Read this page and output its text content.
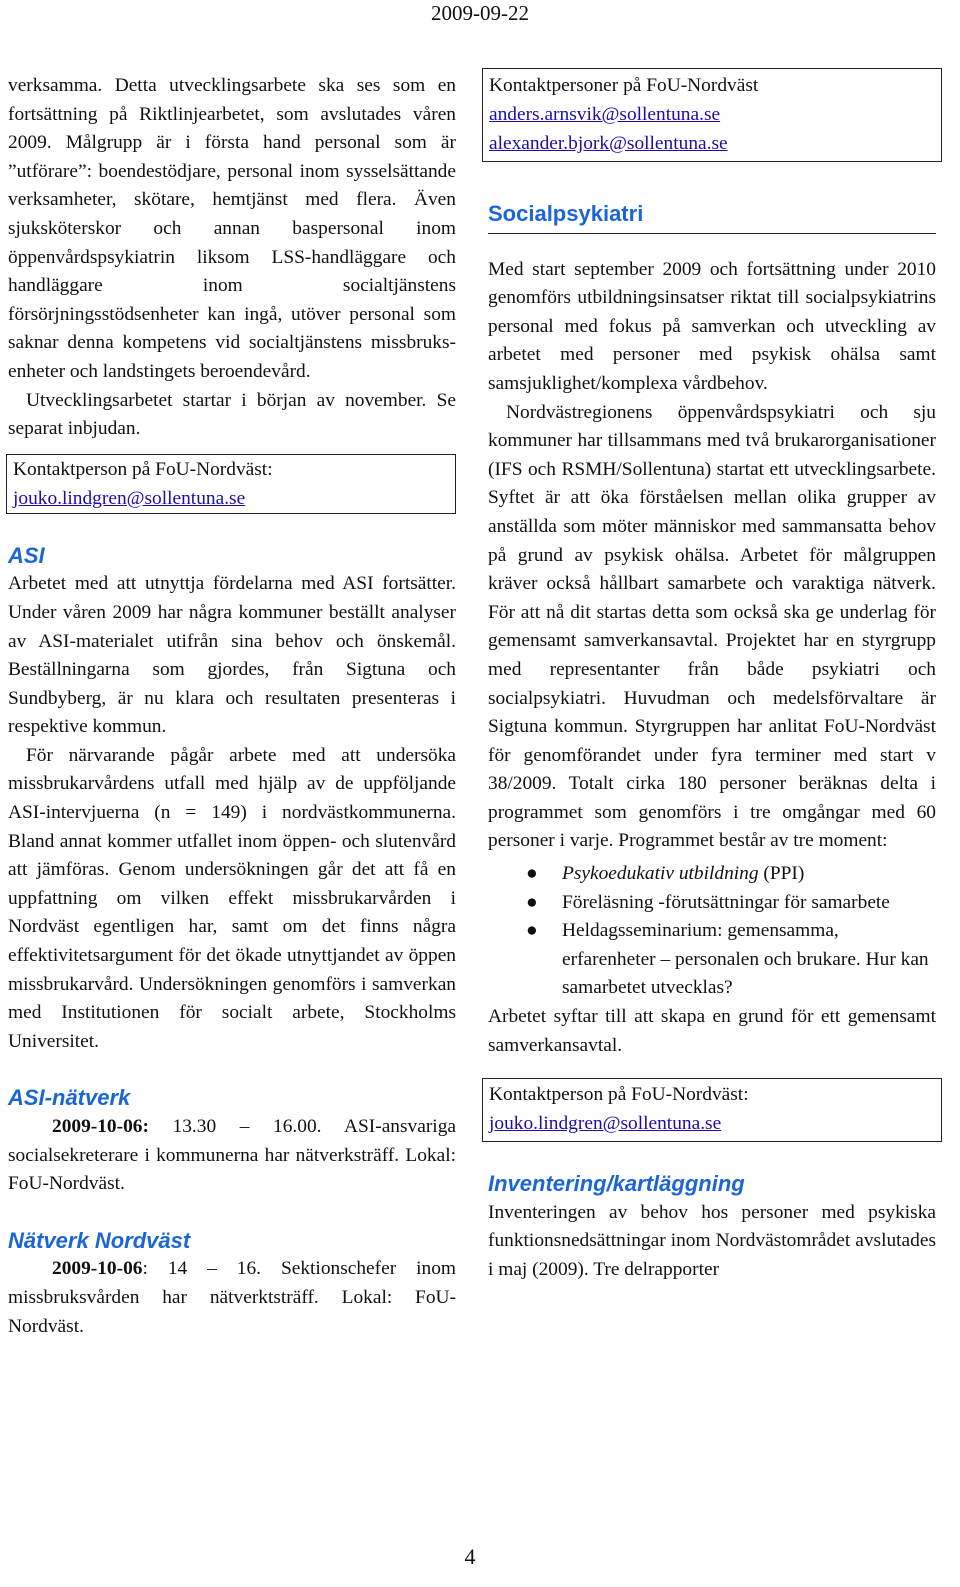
2009-09-22

verksamma. Detta utvecklingsarbete ska ses som en fortsättning på Riktlinjearbetet, som avslutades våren 2009. Målgrupp är i första hand personal som är ”utförare”: boendestödjare, personal inom sysselsättande verksamheter, skötare, hemtjänst med flera. Även sjuksköterskor och annan baspersonal inom öppenvårdspsykiatrin liksom LSS-handläggare och handläggare inom socialtjänstens försörjningsstödsenheter kan ingå, utöver personal som saknar denna kompetens vid socialtjänstens missbruks-enheter och landstingets beroendevård.

Utvecklingsarbetet startar i början av november. Se separat inbjudan.

Kontaktperson på FoU-Nordväst:
jouko.lindgren@sollentuna.se
ASI

Arbetet med att utnyttja fördelarna med ASI fortsätter. Under våren 2009 har några kommuner beställt analyser av ASI-materialet utifrån sina behov och önskemål. Beställningarna som gjordes, från Sigtuna och Sundbyberg, är nu klara och resultaten presenteras i respektive kommun.

För närvarande pågår arbete med att undersöka missbrukarvårdens utfall med hjälp av de uppföljande ASI-intervjuerna (n = 149) i nordvästkommunerna. Bland annat kommer utfallet inom öppen- och slutenvård att jämföras. Genom undersökningen går det att få en uppfattning om vilken effekt missbrukarvården i Nordväst egentligen har, samt om det finns några effektivitetsargument för det ökade utnyttjandet av öppen missbrukarvård. Undersökningen genomförs i samverkan med Institutionen för socialt arbete, Stockholms Universitet.

ASI-nätverk

2009-10-06: 13.30 – 16.00. ASI-ansvariga socialsekreterare i kommunerna har nätverksträff. Lokal: FoU-Nordväst.

Nätverk Nordväst

2009-10-06: 14 – 16. Sektionschefer inom missbruksvården har nätverktsträff. Lokal: FoU-Nordväst.

Kontaktpersoner på FoU-Nordväst
anders.arnsvik@sollentuna.se
alexander.bjork@sollentuna.se
Socialpsykiatri

Med start september 2009 och fortsättning under 2010 genomförs utbildningsinsatser riktat till socialpsykiatrins personal med fokus på samverkan och utveckling av arbetet med personer med psykisk ohälsa samt samsjuklighet/komplexa vårdbehov.

Nordvästregionens öppenvårdspsykiatri och sju kommuner har tillsammans med två brukarorganisationer (IFS och RSMH/Sollentuna) startat ett utvecklingsarbete. Syftet är att öka förståelsen mellan olika grupper av anställda som möter människor med sammansatta behov på grund av psykisk ohälsa. Arbetet för målgruppen kräver också hållbart samarbete och varaktiga nätverk. För att nå dit startas detta som också ska ge underlag för gemensamt samverkansavtal. Projektet har en styrgrupp med representanter från både psykiatri och socialpsykiatri. Huvudman och medelsförvaltare är Sigtuna kommun. Styrgruppen har anlitat FoU-Nordväst för genomförandet under fyra terminer med start v 38/2009. Totalt cirka 180 personer beräknas delta i programmet som genomförs i tre omgångar med 60 personer i varje. Programmet består av tre moment:

● Psykoedukativ utbildning (PPI)
● Föreläsning -förutsättningar för samarbete
● Heldagsseminarium: gemensamma, erfarenheter – personalen och brukare. Hur kan samarbetet utvecklas?

Arbetet syftar till att skapa en grund för ett gemensamt samverkansavtal.

Kontaktperson på FoU-Nordväst:
jouko.lindgren@sollentuna.se
Inventering/kartläggning

Inventeringen av behov hos personer med psykiska funktionsnedsättningar inom Nordvästområdet avslutades i maj (2009). Tre delrapporter

4
